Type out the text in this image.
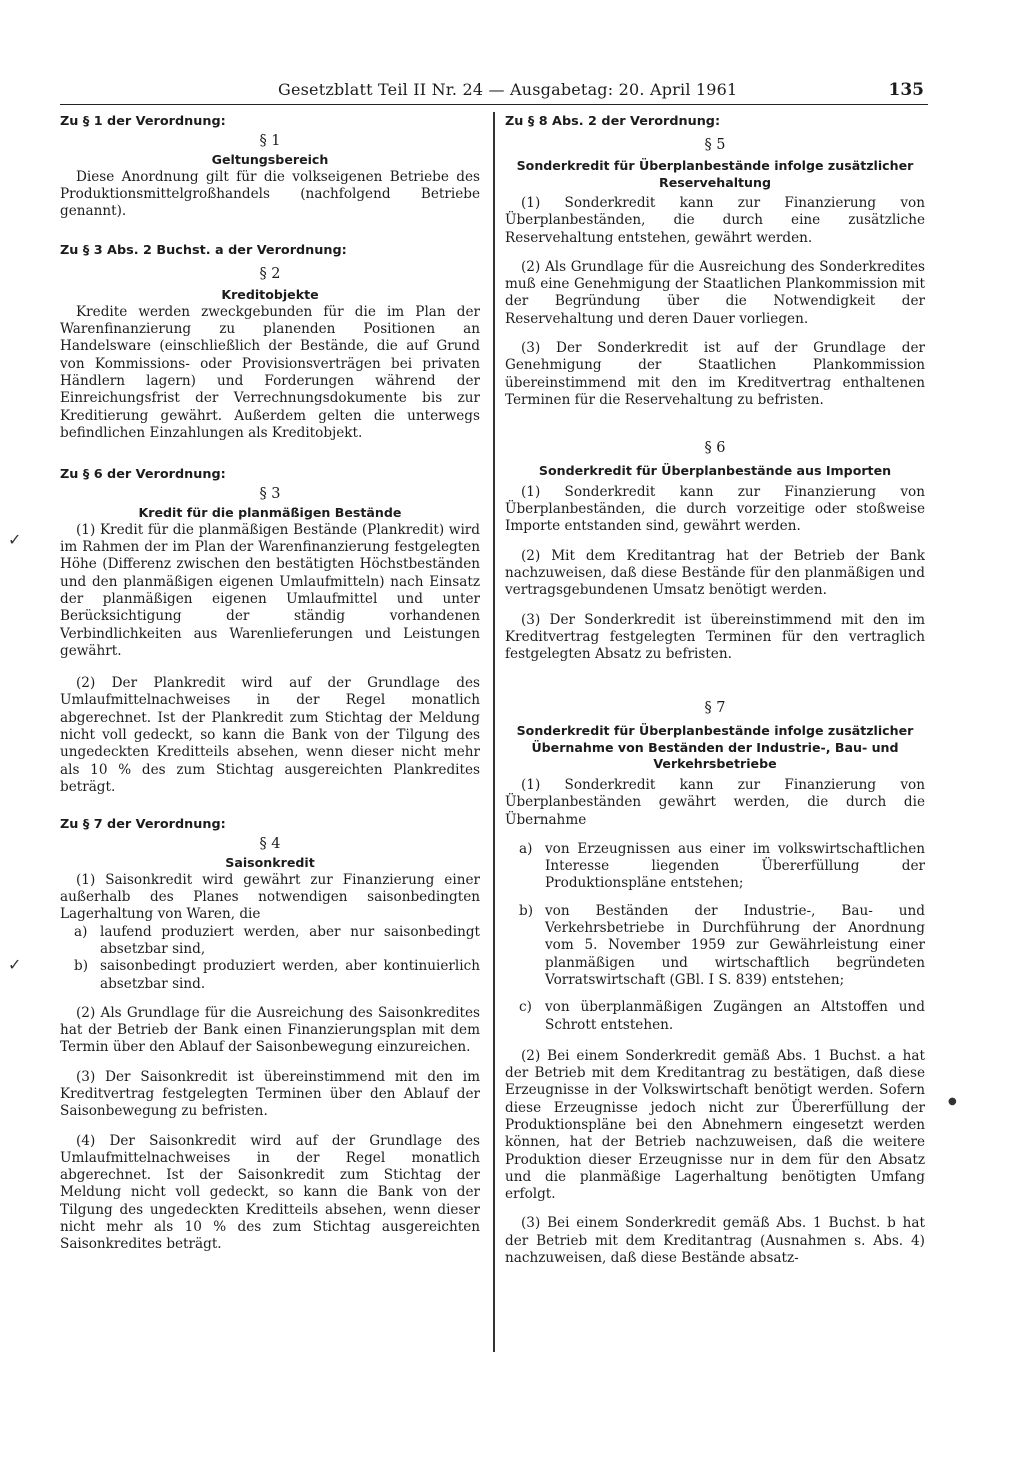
Gesetzblatt Teil II Nr. 24 — Ausgabetag: 20. April 1961	135
✓
✓
●
Zu § 1 der Verordnung:
§ 1
Geltungsbereich

Diese Anordnung gilt für die volkseigenen Betriebe des Produktionsmittelgroßhandels (nachfolgend Betriebe genannt).

Zu § 3 Abs. 2 Buchst. a der Verordnung:
§ 2
Kreditobjekte

Kredite werden zweckgebunden für die im Plan der Warenfinanzierung zu planenden Positionen an Handelsware (einschließlich der Bestände, die auf Grund von Kommissions- oder Provisionsverträgen bei privaten Händlern lagern) und Forderungen während der Einreichungsfrist der Verrechnungsdokumente bis zur Kreditierung gewährt. Außerdem gelten die unterwegs befindlichen Einzahlungen als Kreditobjekt.

Zu § 6 der Verordnung:
§ 3
Kredit für die planmäßigen Bestände

(1) Kredit für die planmäßigen Bestände (Plankredit) wird im Rahmen der im Plan der Warenfinanzierung festgelegten Höhe (Differenz zwischen den bestätigten Höchstbeständen und den planmäßigen eigenen Umlaufmitteln) nach Einsatz der planmäßigen eigenen Umlaufmittel und unter Berücksichtigung der ständig vorhandenen Verbindlichkeiten aus Warenlieferungen und Leistungen gewährt.

(2) Der Plankredit wird auf der Grundlage des Umlaufmittelnachweises in der Regel monatlich abgerechnet. Ist der Plankredit zum Stichtag der Meldung nicht voll gedeckt, so kann die Bank von der Tilgung des ungedeckten Kreditteils absehen, wenn dieser nicht mehr als 10 % des zum Stichtag ausgereichten Plankredites beträgt.

Zu § 7 der Verordnung:
§ 4
Saisonkredit

(1) Saisonkredit wird gewährt zur Finanzierung einer außerhalb des Planes notwendigen saisonbedingten Lagerhaltung von Waren, die

a) laufend produziert werden, aber nur saisonbedingt absetzbar sind,
b) saisonbedingt produziert werden, aber kontinuierlich absetzbar sind.

(2) Als Grundlage für die Ausreichung des Saisonkredites hat der Betrieb der Bank einen Finanzierungsplan mit dem Termin über den Ablauf der Saisonbewegung einzureichen.

(3) Der Saisonkredit ist übereinstimmend mit den im Kreditvertrag festgelegten Terminen über den Ablauf der Saisonbewegung zu befristen.

(4) Der Saisonkredit wird auf der Grundlage des Umlaufmittelnachweises in der Regel monatlich abgerechnet. Ist der Saisonkredit zum Stichtag der Meldung nicht voll gedeckt, so kann die Bank von der Tilgung des ungedeckten Kreditteils absehen, wenn dieser nicht mehr als 10 % des zum Stichtag ausgereichten Saisonkredites beträgt.

Zu § 8 Abs. 2 der Verordnung:
§ 5
Sonderkredit für Überplanbestände infolge zusätzlicher Reservehaltung

(1) Sonderkredit kann zur Finanzierung von Überplanbeständen, die durch eine zusätzliche Reservehaltung entstehen, gewährt werden.

(2) Als Grundlage für die Ausreichung des Sonderkredites muß eine Genehmigung der Staatlichen Plankommission mit der Begründung über die Notwendigkeit der Reservehaltung und deren Dauer vorliegen.

(3) Der Sonderkredit ist auf der Grundlage der Genehmigung der Staatlichen Plankommission übereinstimmend mit den im Kreditvertrag enthaltenen Terminen für die Reservehaltung zu befristen.

§ 6
Sonderkredit für Überplanbestände aus Importen

(1) Sonderkredit kann zur Finanzierung von Überplanbeständen, die durch vorzeitige oder stoßweise Importe entstanden sind, gewährt werden.

(2) Mit dem Kreditantrag hat der Betrieb der Bank nachzuweisen, daß diese Bestände für den planmäßigen und vertragsgebundenen Umsatz benötigt werden.

(3) Der Sonderkredit ist übereinstimmend mit den im Kreditvertrag festgelegten Terminen für den vertraglich festgelegten Absatz zu befristen.

§ 7
Sonderkredit für Überplanbestände infolge zusätzlicher Übernahme von Beständen der Industrie-, Bau- und Verkehrsbetriebe

(1) Sonderkredit kann zur Finanzierung von Überplanbeständen gewährt werden, die durch die Übernahme

a) von Erzeugnissen aus einer im volkswirtschaftlichen Interesse liegenden Übererfüllung der Produktionspläne entstehen;
b) von Beständen der Industrie-, Bau- und Verkehrsbetriebe in Durchführung der Anordnung vom 5. November 1959 zur Gewährleistung einer planmäßigen und wirtschaftlich begründeten Vorratswirtschaft (GBl. I S. 839) entstehen;
c) von überplanmäßigen Zugängen an Altstoffen und Schrott entstehen.

(2) Bei einem Sonderkredit gemäß Abs. 1 Buchst. a hat der Betrieb mit dem Kreditantrag zu bestätigen, daß diese Erzeugnisse in der Volkswirtschaft benötigt werden. Sofern diese Erzeugnisse jedoch nicht zur Übererfüllung der Produktionspläne bei den Abnehmern eingesetzt werden können, hat der Betrieb nachzuweisen, daß die weitere Produktion dieser Erzeugnisse nur in dem für den Absatz und die planmäßige Lagerhaltung benötigten Umfang erfolgt.

(3) Bei einem Sonderkredit gemäß Abs. 1 Buchst. b hat der Betrieb mit dem Kreditantrag (Ausnahmen s. Abs. 4) nachzuweisen, daß diese Bestände absatz-
